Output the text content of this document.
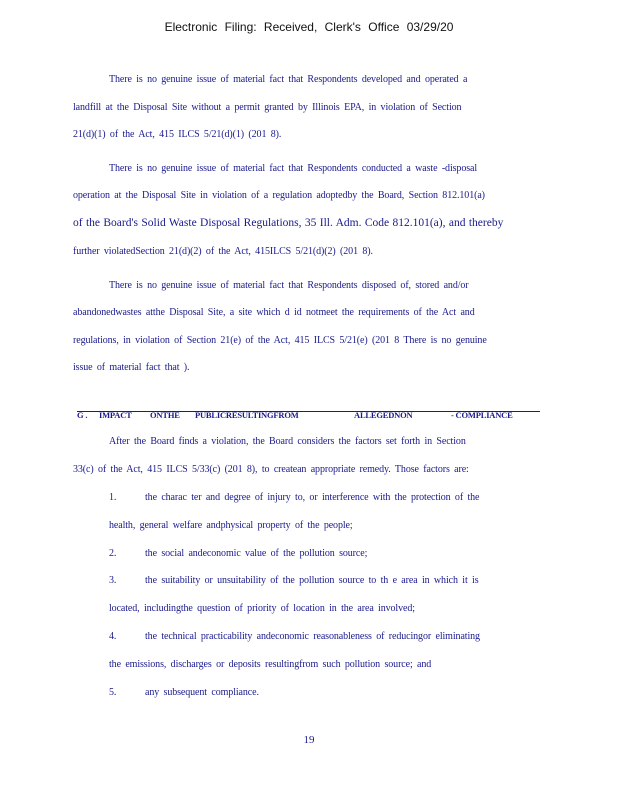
Electronic Filing: Received, Clerk's Office 03/29/20
There is no genuine issue of material fact that Respondents developed and operated a
landfill at the Disposal Site without a permit granted by Illinois EPA, in violation of Section
21(d)(1) of the Act, 415 ILCS 5/21(d)(1) (201 8).
There is no genuine issue of material fact that Respondents conducted a waste -disposal
operation at the Disposal Site in violation of a regulation adoptedby the Board, Section 812.101(a)
of the Board's Solid Waste Disposal Regulations, 35 Ill. Adm. Code 812.101(a), and thereby
further violatedSection 21(d)(2) of the Act, 415ILCS 5/21(d)(2) (201 8).
There is no genuine issue of material fact that Respondents disposed of, stored and/or
abandonedwastes atthe Disposal Site, a site which d id notmeet the requirements of the Act and
regulations, in violation of Section 21(e) of the Act, 415 ILCS 5/21(e) (201 8 There is no genuine
issue of material fact that ).
G . IMPACT ONTHE PUBLICRESULTINGFROM	ALLEGEDNON	- COMPLIANCE
After the Board finds a violation, the Board considers the factors set forth in Section
33(c) of the Act, 415 ILCS 5/33(c) (201 8), to createan appropriate remedy. Those factors are:
1.	the charac ter and degree of injury to, or interference with the protection of the
health, general welfare andphysical property of the people;
2.	the social andeconomic value of the pollution source;
3.	the suitability or unsuitability of the pollution source to th e area in which it is
located, includingthe question of priority of location in the area involved;
4.	the technical practicability andeconomic reasonableness of reducingor eliminating
the emissions, discharges or deposits resultingfrom such pollution source; and
5.	any subsequent compliance.
19
